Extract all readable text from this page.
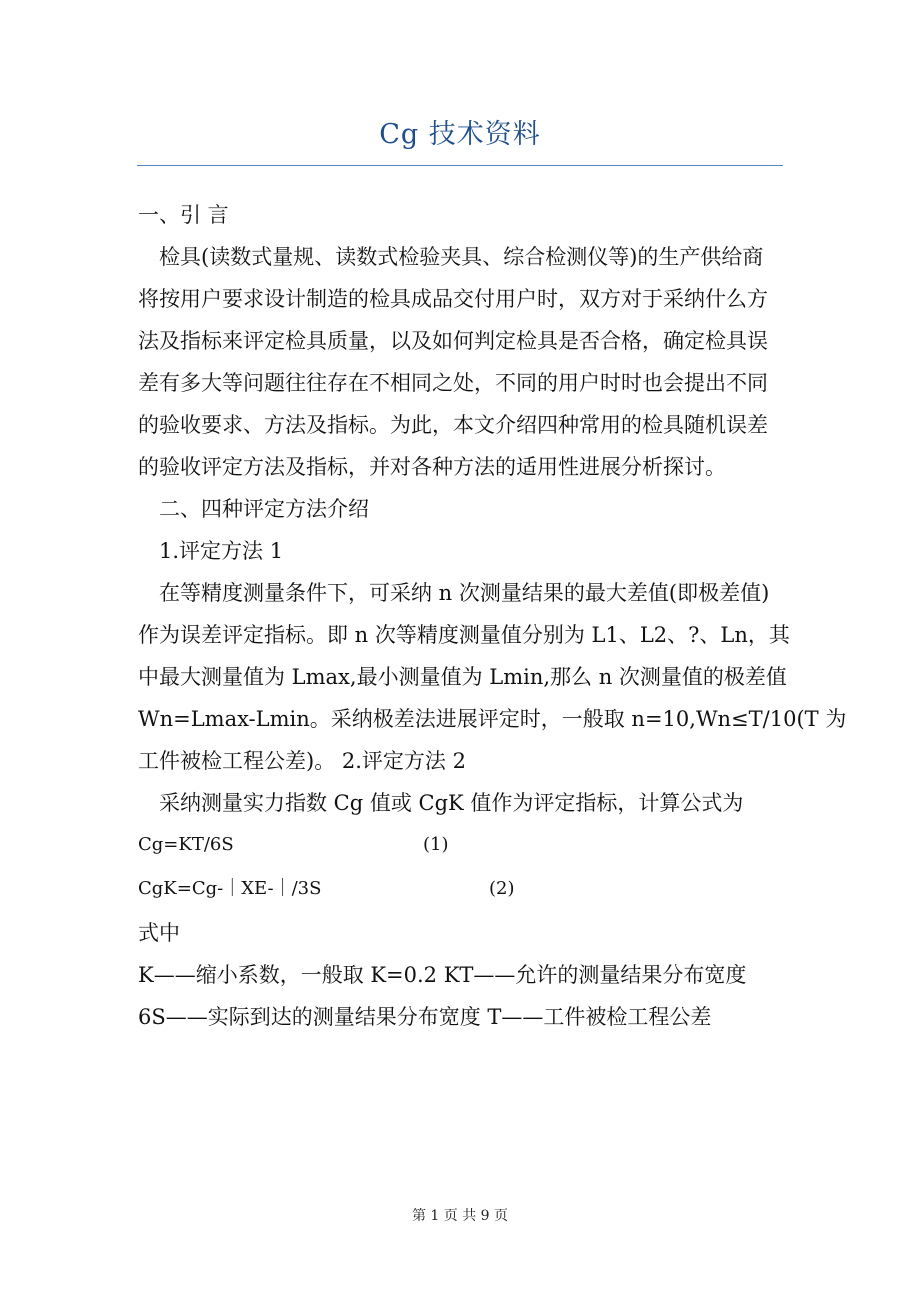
Cg 技术资料

一、引 言

检具(读数式量规、读数式检验夹具、综合检测仪等)的生产供给商

将按用户要求设计制造的检具成品交付用户时，双方对于采纳什么方

法及指标来评定检具质量，以及如何判定检具是否合格，确定检具误

差有多大等问题往往存在不相同之处，不同的用户时时也会提出不同

的验收要求、方法及指标。为此，本文介绍四种常用的检具随机误差

的验收评定方法及指标，并对各种方法的适用性进展分析探讨。

二、四种评定方法介绍

1.评定方法 1

在等精度测量条件下，可采纳 n 次测量结果的最大差值(即极差值)

作为误差评定指标。即 n 次等精度测量值分别为 L1、L2、?、Ln，其

中最大测量值为 Lmax,最小测量值为 Lmin,那么 n 次测量值的极差值

Wn=Lmax-Lmin。采纳极差法进展评定时，一般取 n=10,Wn≤T/10(T 为

工件被检工程公差)。 2.评定方法 2

采纳测量实力指数 Cg 值或 CgK 值作为评定指标，计算公式为

Cg=KT/6S	(1)
CgK=Cg-｜XE-｜/3S	(2)

式中

K——缩小系数，一般取 K=0.2 KT——允许的测量结果分布宽度

6S——实际到达的测量结果分布宽度 T——工件被检工程公差

第 1 页 共 9 页
